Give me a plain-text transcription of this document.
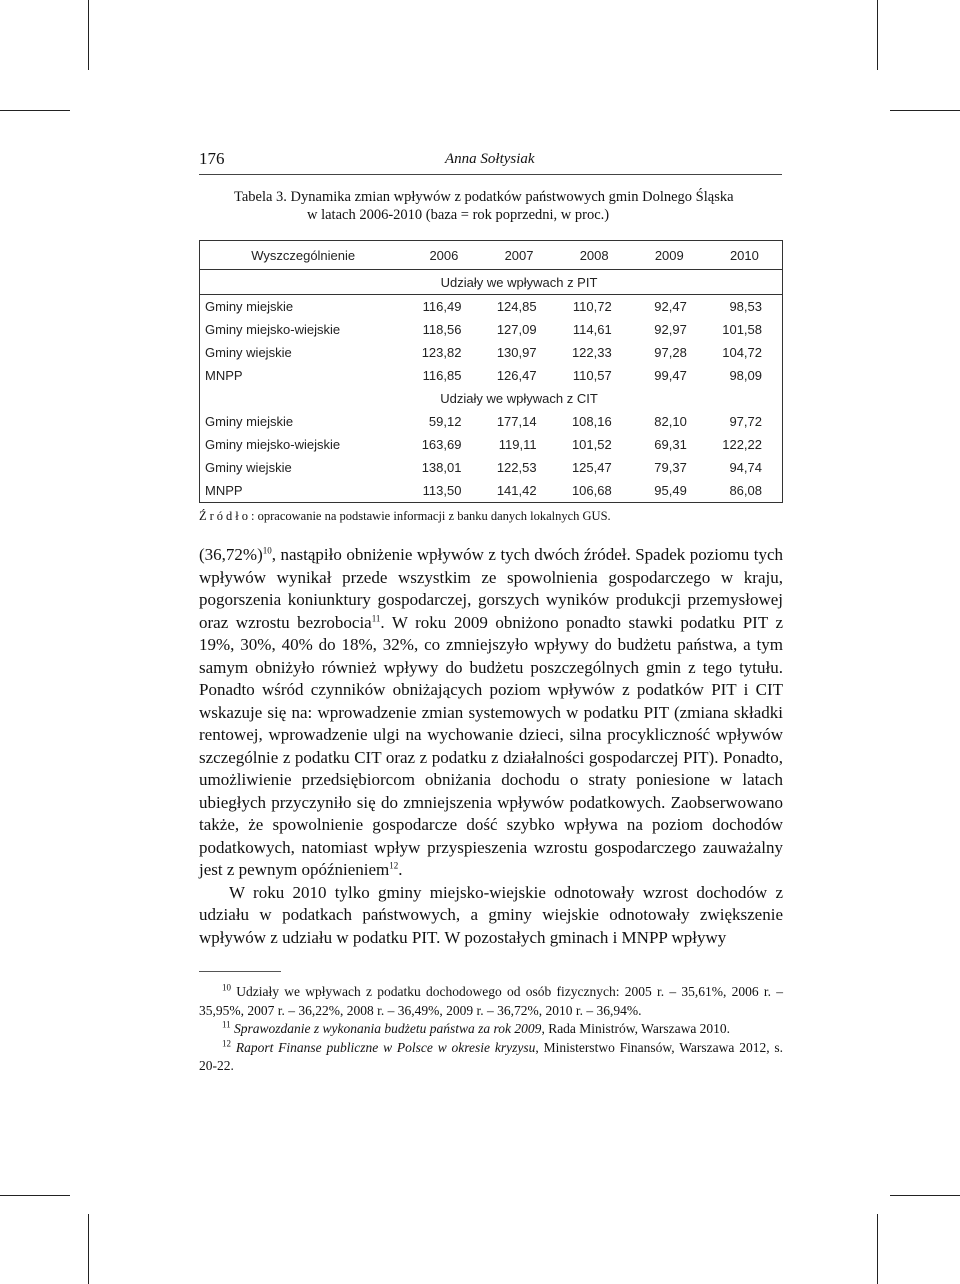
176	Anna Sołtysiak
Tabela 3. Dynamika zmian wpływów z podatków państwowych gmin Dolnego Śląska
w latach 2006-2010 (baza = rok poprzedni, w proc.)
Wyszczególnienie	2006	2007	2008	2009	2010
	Udziały we wpływach z PIT				
Gminy miejskie	116,49	124,85	110,72	92,47	98,53
Gminy miejsko-wiejskie	118,56	127,09	114,61	92,97	101,58
Gminy wiejskie	123,82	130,97	122,33	97,28	104,72
MNPP	116,85	126,47	110,57	99,47	98,09
	Udziały we wpływach z CIT				
Gminy miejskie	59,12	177,14	108,16	82,10	97,72
Gminy miejsko-wiejskie	163,69	119,11	101,52	69,31	122,22
Gminy wiejskie	138,01	122,53	125,47	79,37	94,74
MNPP	113,50	141,42	106,68	95,49	86,08
Źródło: opracowanie na podstawie informacji z banku danych lokalnych GUS.

$(36,72\%)^{10}$, nastąpiło obniżenie wpływów z tych dwóch źródeł. Spadek poziomu tych wpływów wynikał przede wszystkim ze spowolnienia gospodarczego w kraju, pogorszenia koniunktury gospodarczej, gorszych wyników produkcji przemysłowej oraz wzrostu bezrobocia$^{11}$. W roku 2009 obniżono ponadto stawki podatku PIT z 19%, 30%, 40% do 18%, 32%, co zmniejszyło wpływy do budżetu państwa, a tym samym obniżyło również wpływy do budżetu poszczególnych gmin z tego tytułu. Ponadto wśród czynników obniżających poziom wpływów z podatków PIT i CIT wskazuje się na: wprowadzenie zmian systemowych w podatku PIT (zmiana składki rentowej, wprowadzenie ulgi na wychowanie dzieci, silna procykliczność wpływów szczególnie z podatku CIT oraz z podatku z działalności gospodarczej PIT). Ponadto, umożliwienie przedsiębiorcom obniżania dochodu o straty poniesione w latach ubiegłych przyczyniło się do zmniejszenia wpływów podatkowych. Zaobserwowano także, że spowolnienie gospodarcze dość szybko wpływa na poziom dochodów podatkowych, natomiast wpływ przyspieszenia wzrostu gospodarczego zauważalny jest z pewnym opóźnieniem$^{12}$.

W roku 2010 tylko gminy miejsko-wiejskie odnotowały wzrost dochodów z udziału w podatkach państwowych, a gminy wiejskie odnotowały zwiększenie wpływów z udziału w podatku PIT. W pozostałych gminach i MNPP wpływy

$^{10}$ Udziały we wpływach z podatku dochodowego od osób fizycznych: 2005 r. – 35,61%, 2006 r. – 35,95%, 2007 r. – 36,22%, 2008 r. – 36,49%, 2009 r. – 36,72%, 2010 r. – 36,94%.

$^{11}$ Sprawozdanie z wykonania budżetu państwa za rok 2009, Rada Ministrów, Warszawa 2010.

$^{12}$ Raport Finanse publiczne w Polsce w okresie kryzysu, Ministerstwo Finansów, Warszawa 2012, s. 20-22.
